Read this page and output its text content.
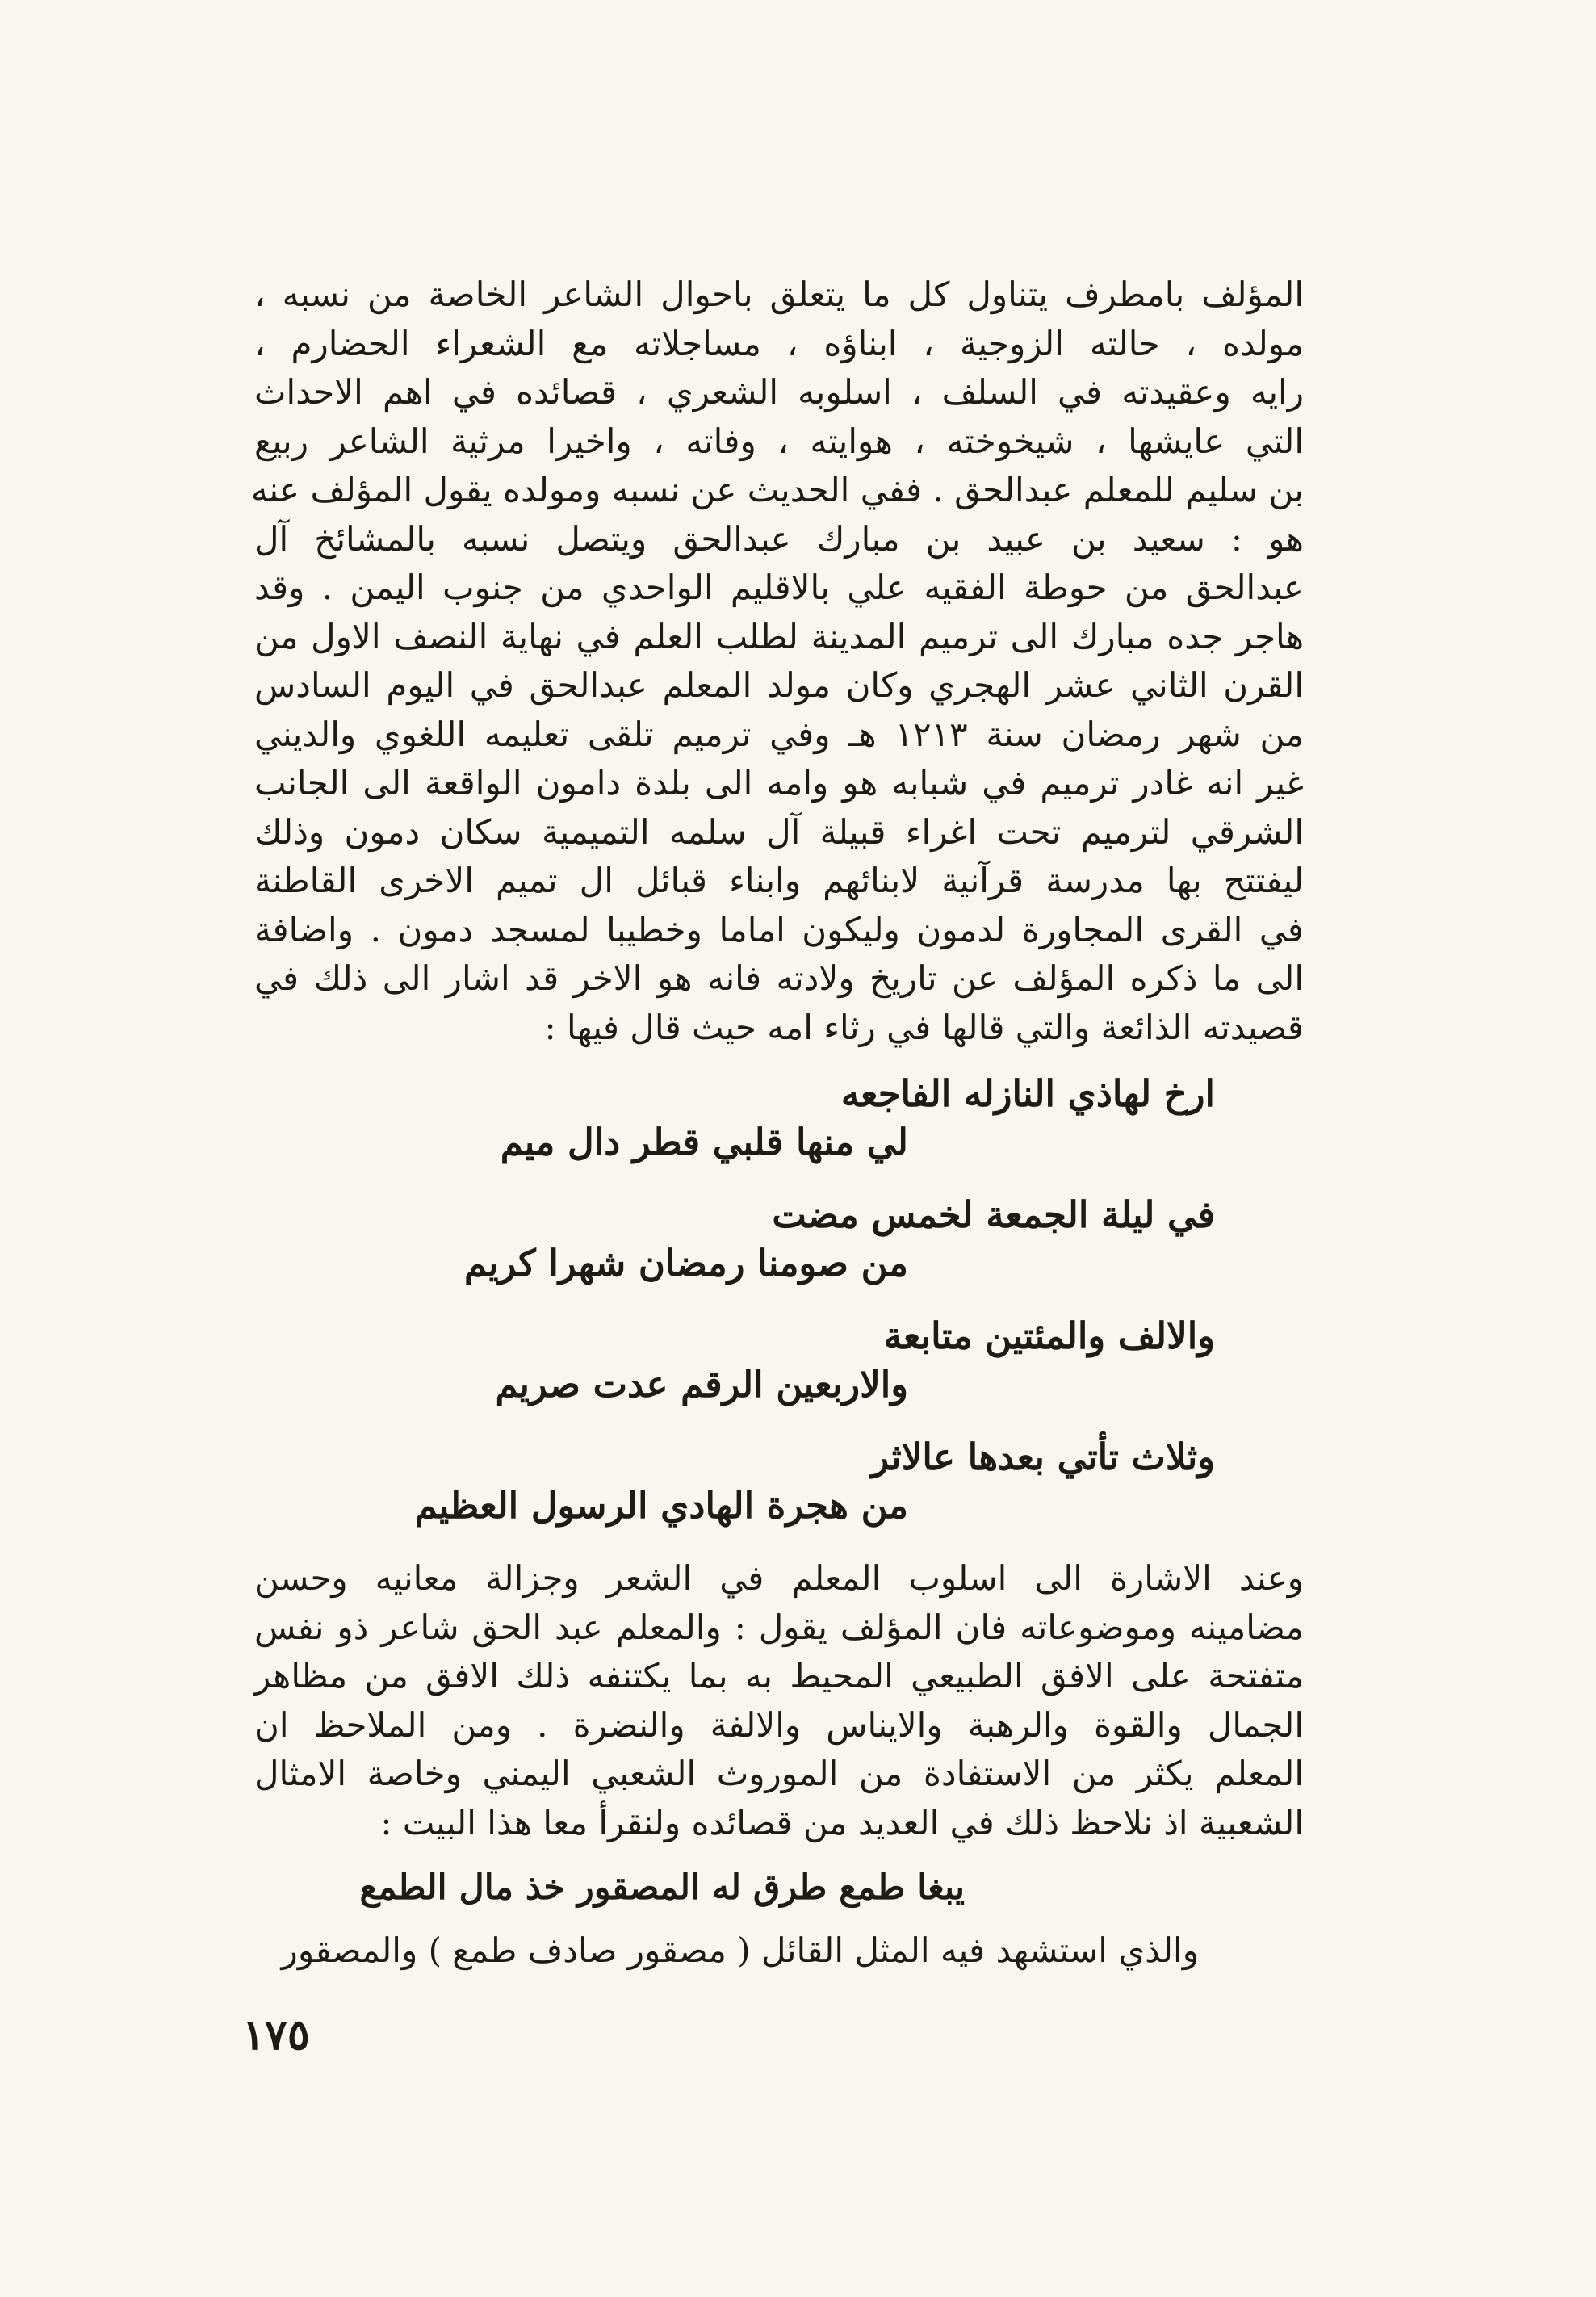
المؤلف بامطرف يتناول كل ما يتعلق باحوال الشاعر الخاصة من نسبه ،
مولده ، حالته الزوجية ، ابناؤه ، مساجلاته مع الشعراء الحضارم ،
رايه وعقيدته في السلف ، اسلوبه الشعري ، قصائده في اهم الاحداث
التي عايشها ، شيخوخته ، هوايته ، وفاته ، واخيرا مرثية الشاعر ربيع
بن سليم للمعلم عبدالحق . ففي الحديث عن نسبه ومولده يقول المؤلف عنه
هو : سعيد بن عبيد بن مبارك عبدالحق ويتصل نسبه بالمشائخ آل
عبدالحق من حوطة الفقيه علي بالاقليم الواحدي من جنوب اليمن . وقد
هاجر جده مبارك الى ترميم المدينة لطلب العلم في نهاية النصف الاول من
القرن الثاني عشر الهجري وكان مولد المعلم عبدالحق في اليوم السادس
من شهر رمضان سنة ١٢١٣ هـ وفي ترميم تلقى تعليمه اللغوي والديني
غير انه غادر ترميم في شبابه هو وامه الى بلدة دامون الواقعة الى الجانب
الشرقي لترميم تحت اغراء قبيلة آل سلمه التميمية سكان دمون وذلك
ليفتتح بها مدرسة قرآنية لابنائهم وابناء قبائل ال تميم الاخرى القاطنة
في القرى المجاورة لدمون وليكون اماما وخطيبا لمسجد دمون . واضافة
الى ما ذكره المؤلف عن تاريخ ولادته فانه هو الاخر قد اشار الى ذلك في
قصيدته الذائعة والتي قالها في رثاء امه حيث قال فيها :

ارخ لهاذي النازله الفاجعه
لي منها قلبي قطر دال ميم
في ليلة الجمعة لخمس مضت
من صومنا رمضان شهرا كريم
والالف والمئتين متابعة
والاربعين الرقم عدت صريم
وثلاث تأتي بعدها عالاثر
من هجرة الهادي الرسول العظيم

وعند الاشارة الى اسلوب المعلم في الشعر وجزالة معانيه وحسن
مضامينه وموضوعاته فان المؤلف يقول : والمعلم عبد الحق شاعر ذو نفس
متفتحة على الافق الطبيعي المحيط به بما يكتنفه ذلك الافق من مظاهر
الجمال والقوة والرهبة والايناس والالفة والنضرة . ومن الملاحظ ان
المعلم يكثر من الاستفادة من الموروث الشعبي اليمني وخاصة الامثال
الشعبية اذ نلاحظ ذلك في العديد من قصائده ولنقرأ معا هذا البيت :

يبغا طمع طرق له المصقور خذ مال الطمع
والذي استشهد فيه المثل القائل ( مصقور صادف طمع ) والمصقور
١٧٥
